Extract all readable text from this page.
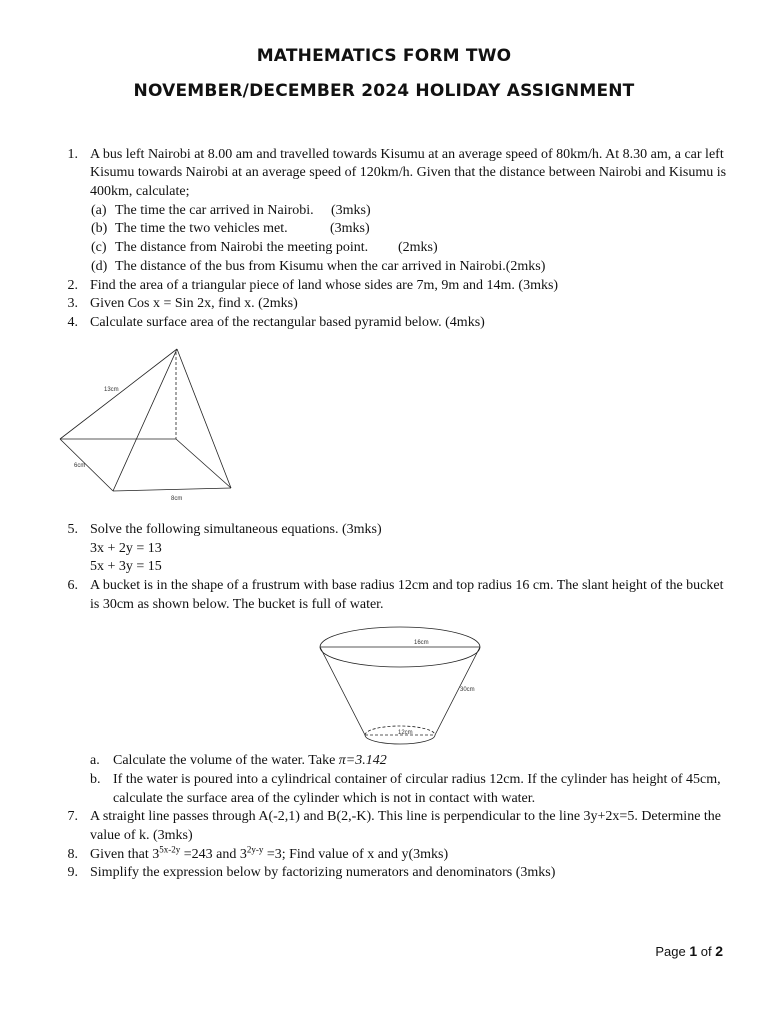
MATHEMATICS FORM TWO
NOVEMBER/DECEMBER 2024 HOLIDAY ASSIGNMENT
1. A bus left Nairobi at 8.00 am and travelled towards Kisumu at an average speed of 80km/h. At 8.30 am, a car left
Kisumu towards Nairobi at an average speed of 120km/h. Given that the distance between Nairobi and Kisumu is
400km, calculate;
(a) The time the car arrived in Nairobi. (3mks)
(b) The time the two vehicles met.	(3mks)
(c) The distance from Nairobi the meeting point. (2mks)
(d) The distance of the bus from Kisumu when the car arrived in Nairobi.(2mks)
2. Find the area of a triangular piece of land whose sides are 7m, 9m and 14m. (3mks)
3. Given Cos x = Sin 2x, find x. (2mks)
4. Calculate surface area of the rectangular based pyramid below. (4mks)
13cm
6cm
8cm
5. Solve the following simultaneous equations. (3mks)
3x + 2y = 13
5x + 3y = 15
6. A bucket is in the shape of a frustrum with base radius 12cm and top radius 16 cm. The slant height of the bucket
is 30cm as shown below. The bucket is full of water.
16cm
30cm
12cm
a. Calculate the volume of the water. Take π=3.142
b. If the water is poured into a cylindrical container of circular radius 12cm. If the cylinder has height of 45cm,
calculate the surface area of the cylinder which is not in contact with water.
7. A straight line passes through A(-2,1) and B(2,-K). This line is perpendicular to the line 3y+2x=5. Determine the
value of k. (3mks)
8. Given that $3^{5x-2y} =243$ and $3^{2y-y} =3$; Find value of x and y(3mks)
9. Simplify the expression below by factorizing numerators and denominators (3mks)
Page 1 of 2
